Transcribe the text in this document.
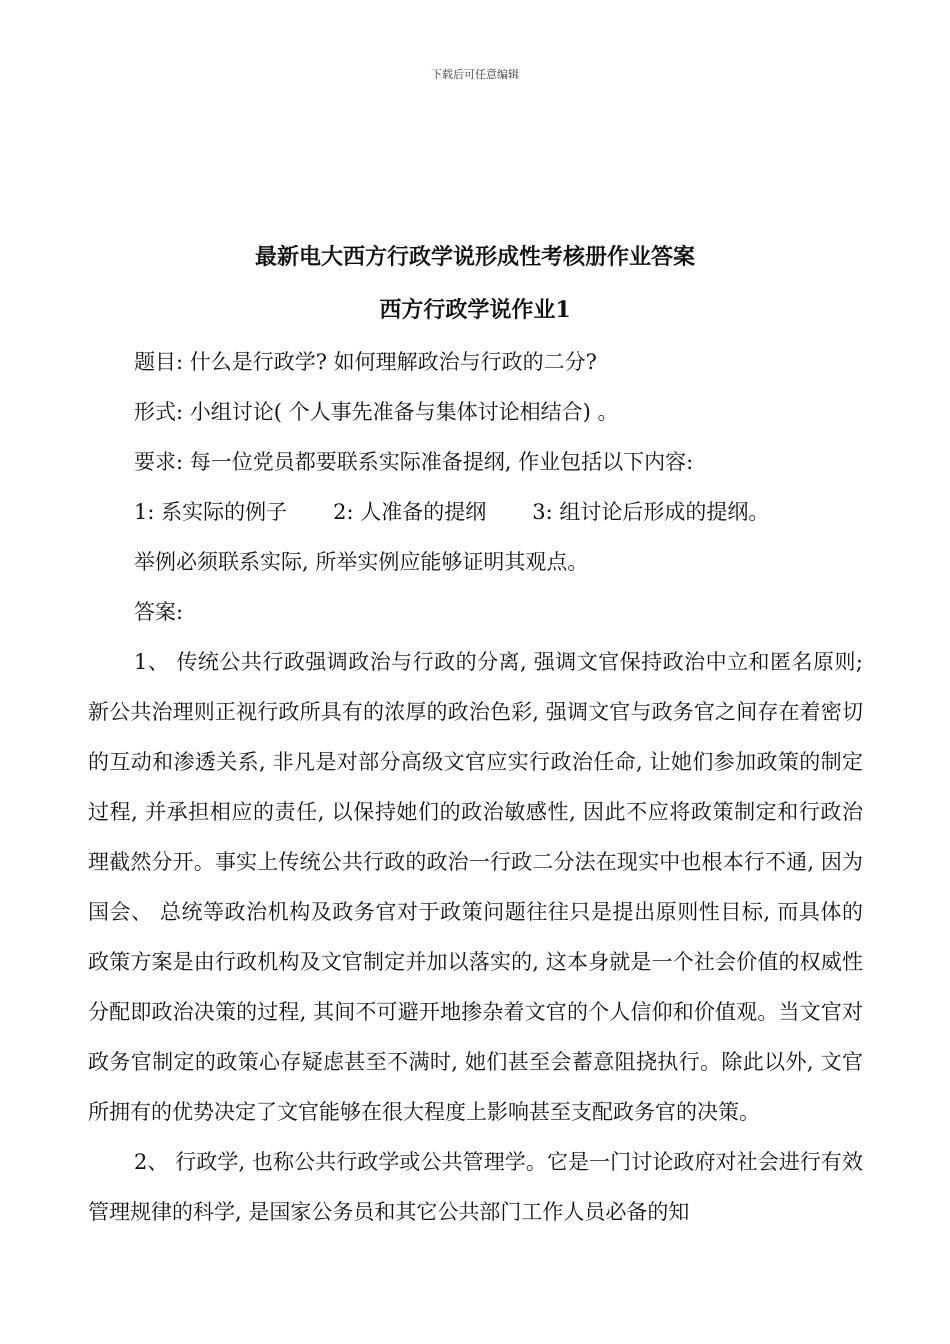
下载后可任意编辑
最新电大西方行政学说形成性考核册作业答案
西方行政学说作业1
题目: 什么是行政学? 如何理解政治与行政的二分?
形式: 小组讨论( 个人事先准备与集体讨论相结合) 。
要求: 每一位党员都要联系实际准备提纲, 作业包括以下内容:
1: 系实际的例子 2: 人准备的提纲 3: 组讨论后形成的提纲。
举例必须联系实际, 所举实例应能够证明其观点。
答案:

1、 传统公共行政强调政治与行政的分离, 强调文官保持政治中立和匿名原则; 新公共治理则正视行政所具有的浓厚的政治色彩, 强调文官与政务官之间存在着密切的互动和渗透关系, 非凡是对部分高级文官应实行政治任命, 让她们参加政策的制定过程, 并承担相应的责任, 以保持她们的政治敏感性, 因此不应将政策制定和行政治理截然分开。事实上传统公共行政的政治一行政二分法在现实中也根本行不通, 因为国会、 总统等政治机构及政务官对于政策问题往往只是提出原则性目标, 而具体的政策方案是由行政机构及文官制定并加以落实的, 这本身就是一个社会价值的权威性分配即政治决策的过程, 其间不可避开地掺杂着文官的个人信仰和价值观。当文官对政务官制定的政策心存疑虑甚至不满时, 她们甚至会蓄意阻挠执行。除此以外, 文官所拥有的优势决定了文官能够在很大程度上影响甚至支配政务官的决策。

2、 行政学, 也称公共行政学或公共管理学。它是一门讨论政府对社会进行有效管理规律的科学, 是国家公务员和其它公共部门工作人员必备的知
